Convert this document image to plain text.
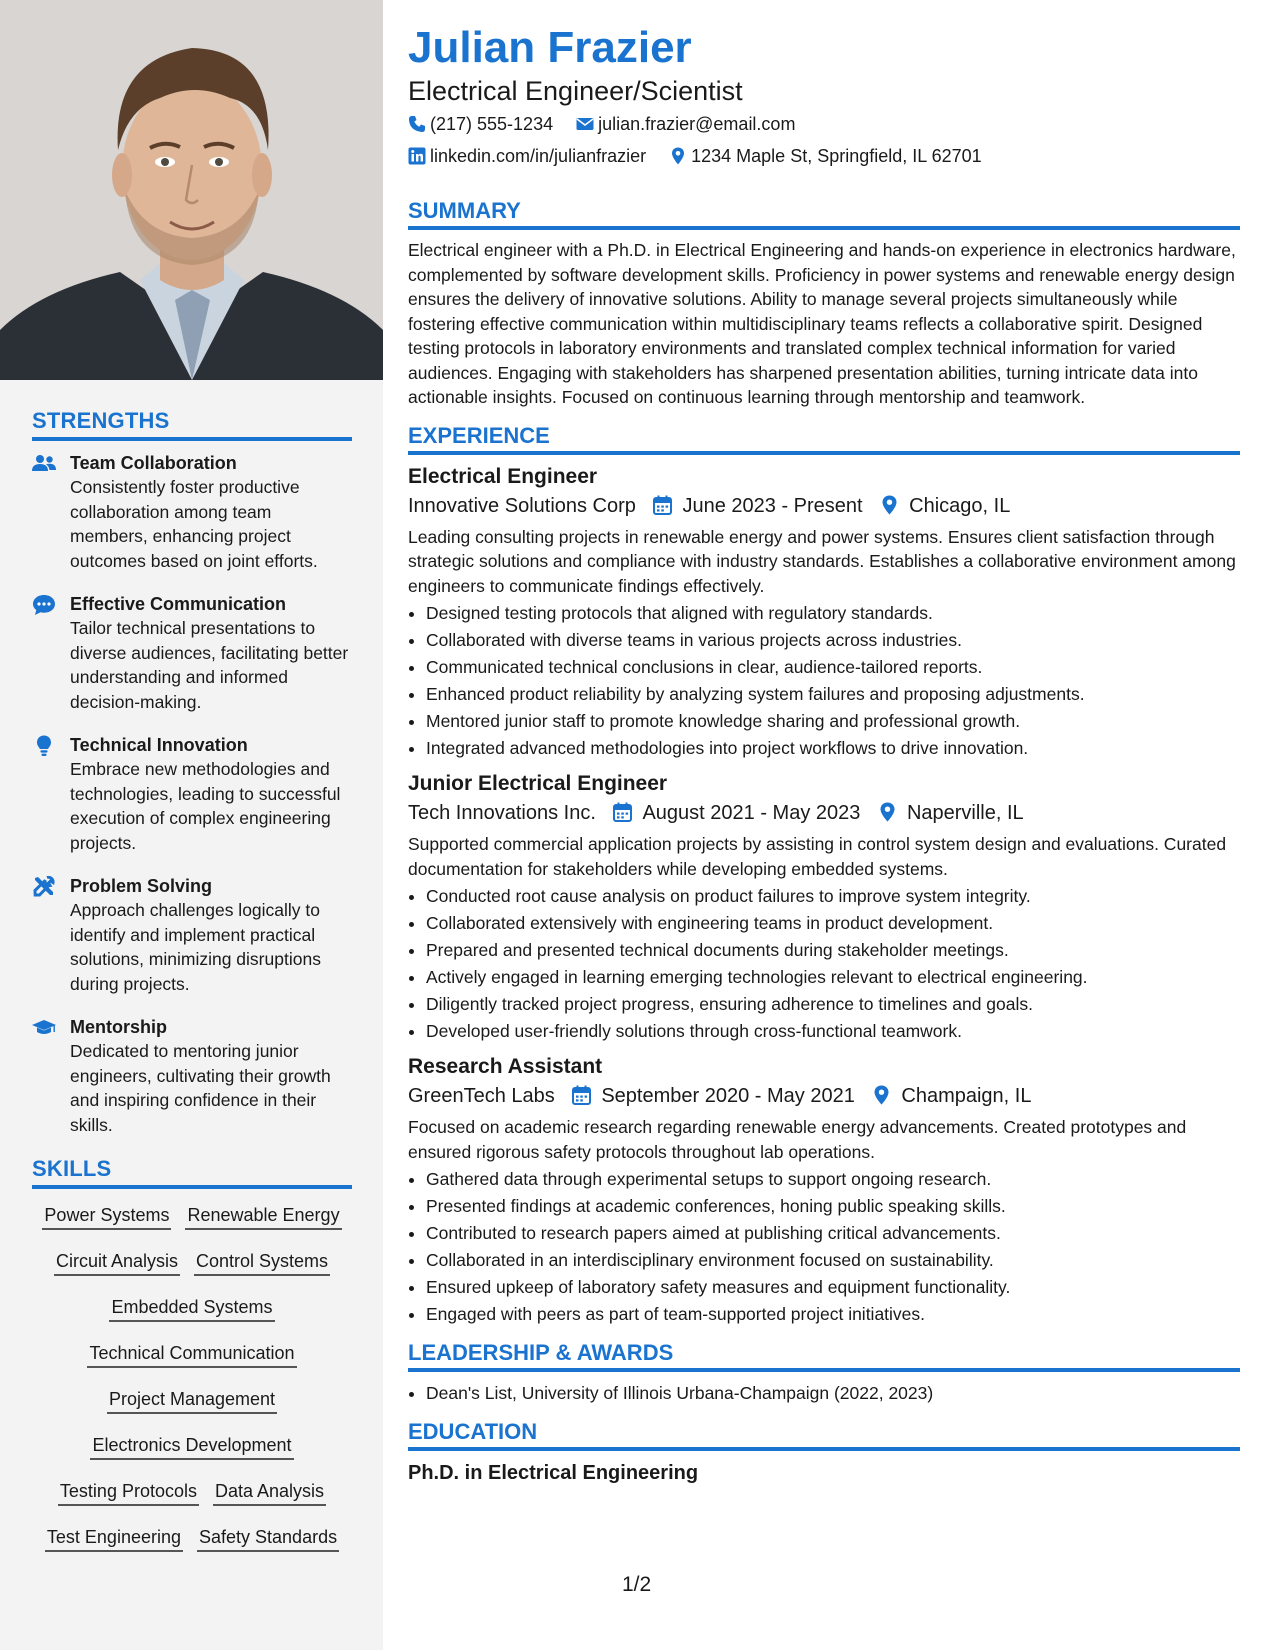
STRENGTHS
Team Collaboration
Consistently foster productive collaboration among team members, enhancing project outcomes based on joint efforts.
Effective Communication
Tailor technical presentations to diverse audiences, facilitating better understanding and informed decision-making.
Technical Innovation
Embrace new methodologies and technologies, leading to successful execution of complex engineering projects.
Problem Solving
Approach challenges logically to identify and implement practical solutions, minimizing disruptions during projects.
Mentorship
Dedicated to mentoring junior engineers, cultivating their growth and inspiring confidence in their skills.
SKILLS
Power Systems Renewable Energy
Circuit Analysis Control Systems
Embedded Systems
Technical Communication
Project Management
Electronics Development
Testing Protocols Data Analysis
Test Engineering Safety Standards
Julian Frazier
Electrical Engineer/Scientist
(217) 555-1234	julian.frazier@email.com
linkedin.com/in/julianfrazier	1234 Maple St, Springfield, IL 62701
SUMMARY
Electrical engineer with a Ph.D. in Electrical Engineering and hands-on experience in electronics hardware, complemented by software development skills. Proficiency in power systems and renewable energy design ensures the delivery of innovative solutions. Ability to manage several projects simultaneously while fostering effective communication within multidisciplinary teams reflects a collaborative spirit. Designed testing protocols in laboratory environments and translated complex technical information for varied audiences. Engaging with stakeholders has sharpened presentation abilities, turning intricate data into actionable insights. Focused on continuous learning through mentorship and teamwork.
EXPERIENCE
Electrical Engineer
Innovative Solutions Corp June 2023 - Present Chicago, IL
Leading consulting projects in renewable energy and power systems. Ensures client satisfaction through strategic solutions and compliance with industry standards. Establishes a collaborative environment among engineers to communicate findings effectively.
• Designed testing protocols that aligned with regulatory standards.
• Collaborated with diverse teams in various projects across industries.
• Communicated technical conclusions in clear, audience-tailored reports.
• Enhanced product reliability by analyzing system failures and proposing adjustments.
• Mentored junior staff to promote knowledge sharing and professional growth.
• Integrated advanced methodologies into project workflows to drive innovation.
Junior Electrical Engineer
Tech Innovations Inc. August 2021 - May 2023 Naperville, IL
Supported commercial application projects by assisting in control system design and evaluations. Curated documentation for stakeholders while developing embedded systems.
• Conducted root cause analysis on product failures to improve system integrity.
• Collaborated extensively with engineering teams in product development.
• Prepared and presented technical documents during stakeholder meetings.
• Actively engaged in learning emerging technologies relevant to electrical engineering.
• Diligently tracked project progress, ensuring adherence to timelines and goals.
• Developed user-friendly solutions through cross-functional teamwork.
Research Assistant
GreenTech Labs September 2020 - May 2021 Champaign, IL
Focused on academic research regarding renewable energy advancements. Created prototypes and ensured rigorous safety protocols throughout lab operations.
• Gathered data through experimental setups to support ongoing research.
• Presented findings at academic conferences, honing public speaking skills.
• Contributed to research papers aimed at publishing critical advancements.
• Collaborated in an interdisciplinary environment focused on sustainability.
• Ensured upkeep of laboratory safety measures and equipment functionality.
• Engaged with peers as part of team-supported project initiatives.
LEADERSHIP & AWARDS
• Dean's List, University of Illinois Urbana-Champaign (2022, 2023)
EDUCATION
Ph.D. in Electrical Engineering
1/2
